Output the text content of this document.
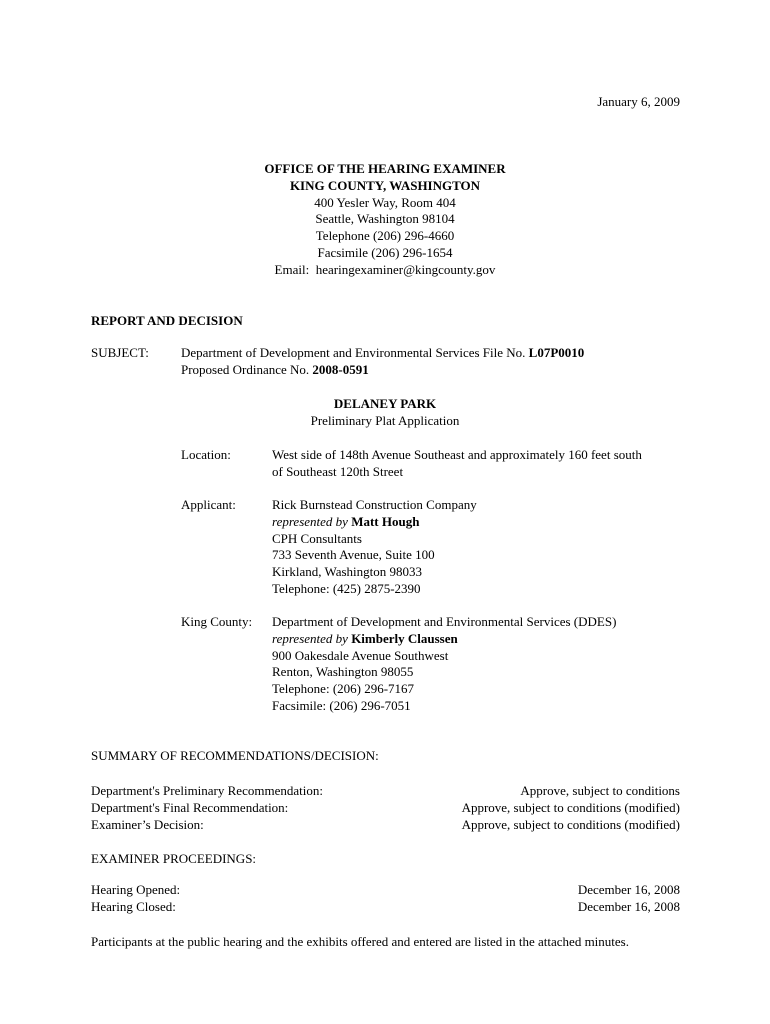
January 6, 2009
OFFICE OF THE HEARING EXAMINER
KING COUNTY, WASHINGTON
400 Yesler Way, Room 404
Seattle, Washington 98104
Telephone (206) 296-4660
Facsimile (206) 296-1654
Email: hearingexaminer@kingcounty.gov
REPORT AND DECISION
SUBJECT: Department of Development and Environmental Services File No. L07P0010
Proposed Ordinance No. 2008-0591
DELANEY PARK
Preliminary Plat Application
Location:	West side of 148th Avenue Southeast and approximately 160 feet south
of Southeast 120th Street
Applicant:	Rick Burnstead Construction Company
represented by Matt Hough
CPH Consultants
733 Seventh Avenue, Suite 100
Kirkland, Washington 98033
Telephone: (425) 2875-2390
King County: Department of Development and Environmental Services (DDES)
represented by Kimberly Claussen
900 Oakesdale Avenue Southwest
Renton, Washington 98055
Telephone: (206) 296-7167
Facsimile: (206) 296-7051
SUMMARY OF RECOMMENDATIONS/DECISION:
Department's Preliminary Recommendation:	Approve, subject to conditions
Department's Final Recommendation:	Approve, subject to conditions (modified)
Examiner’s Decision:	Approve, subject to conditions (modified)
EXAMINER PROCEEDINGS:
Hearing Opened:	December 16, 2008
Hearing Closed:	December 16, 2008
Participants at the public hearing and the exhibits offered and entered are listed in the attached minutes.
